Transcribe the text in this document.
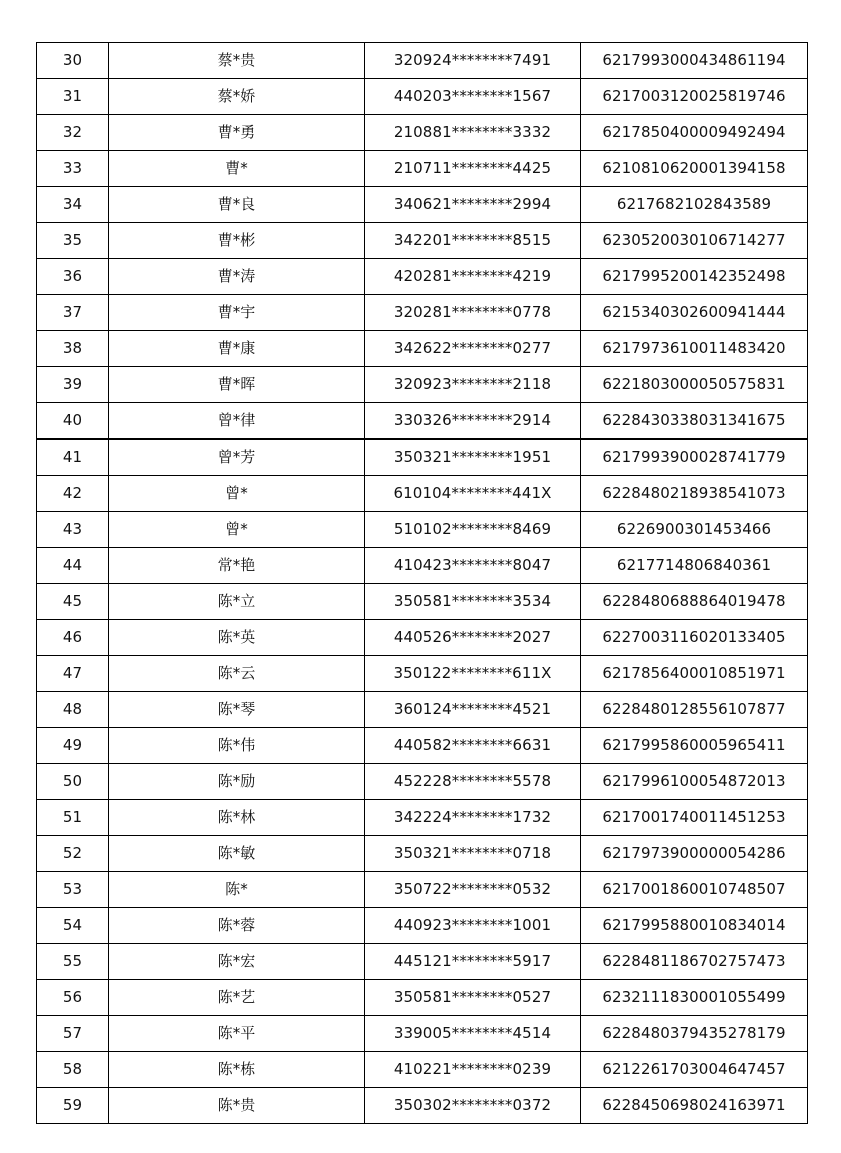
30	蔡*贵	320924********7491	6217993000434861194
31	蔡*娇	440203********1567	6217003120025819746
32	曹*勇	210881********3332	6217850400009492494
33	曹*	210711********4425	6210810620001394158
34	曹*良	340621********2994	6217682102843589
35	曹*彬	342201********8515	6230520030106714277
36	曹*涛	420281********4219	6217995200142352498
37	曹*宇	320281********0778	6215340302600941444
38	曹*康	342622********0277	6217973610011483420
39	曹*晖	320923********2118	6221803000050575831
40	曾*律	330326********2914	6228430338031341675
41	曾*芳	350321********1951	6217993900028741779
42	曾*	610104********441X	6228480218938541073
43	曾*	510102********8469	6226900301453466
44	常*艳	410423********8047	6217714806840361
45	陈*立	350581********3534	6228480688864019478
46	陈*英	440526********2027	6227003116020133405
47	陈*云	350122********611X	6217856400010851971
48	陈*琴	360124********4521	6228480128556107877
49	陈*伟	440582********6631	6217995860005965411
50	陈*励	452228********5578	6217996100054872013
51	陈*林	342224********1732	6217001740011451253
52	陈*敏	350321********0718	6217973900000054286
53	陈*	350722********0532	6217001860010748507
54	陈*蓉	440923********1001	6217995880010834014
55	陈*宏	445121********5917	6228481186702757473
56	陈*艺	350581********0527	6232111830001055499
57	陈*平	339005********4514	6228480379435278179
58	陈*栋	410221********0239	6212261703004647457
59	陈*贵	350302********0372	6228450698024163971
